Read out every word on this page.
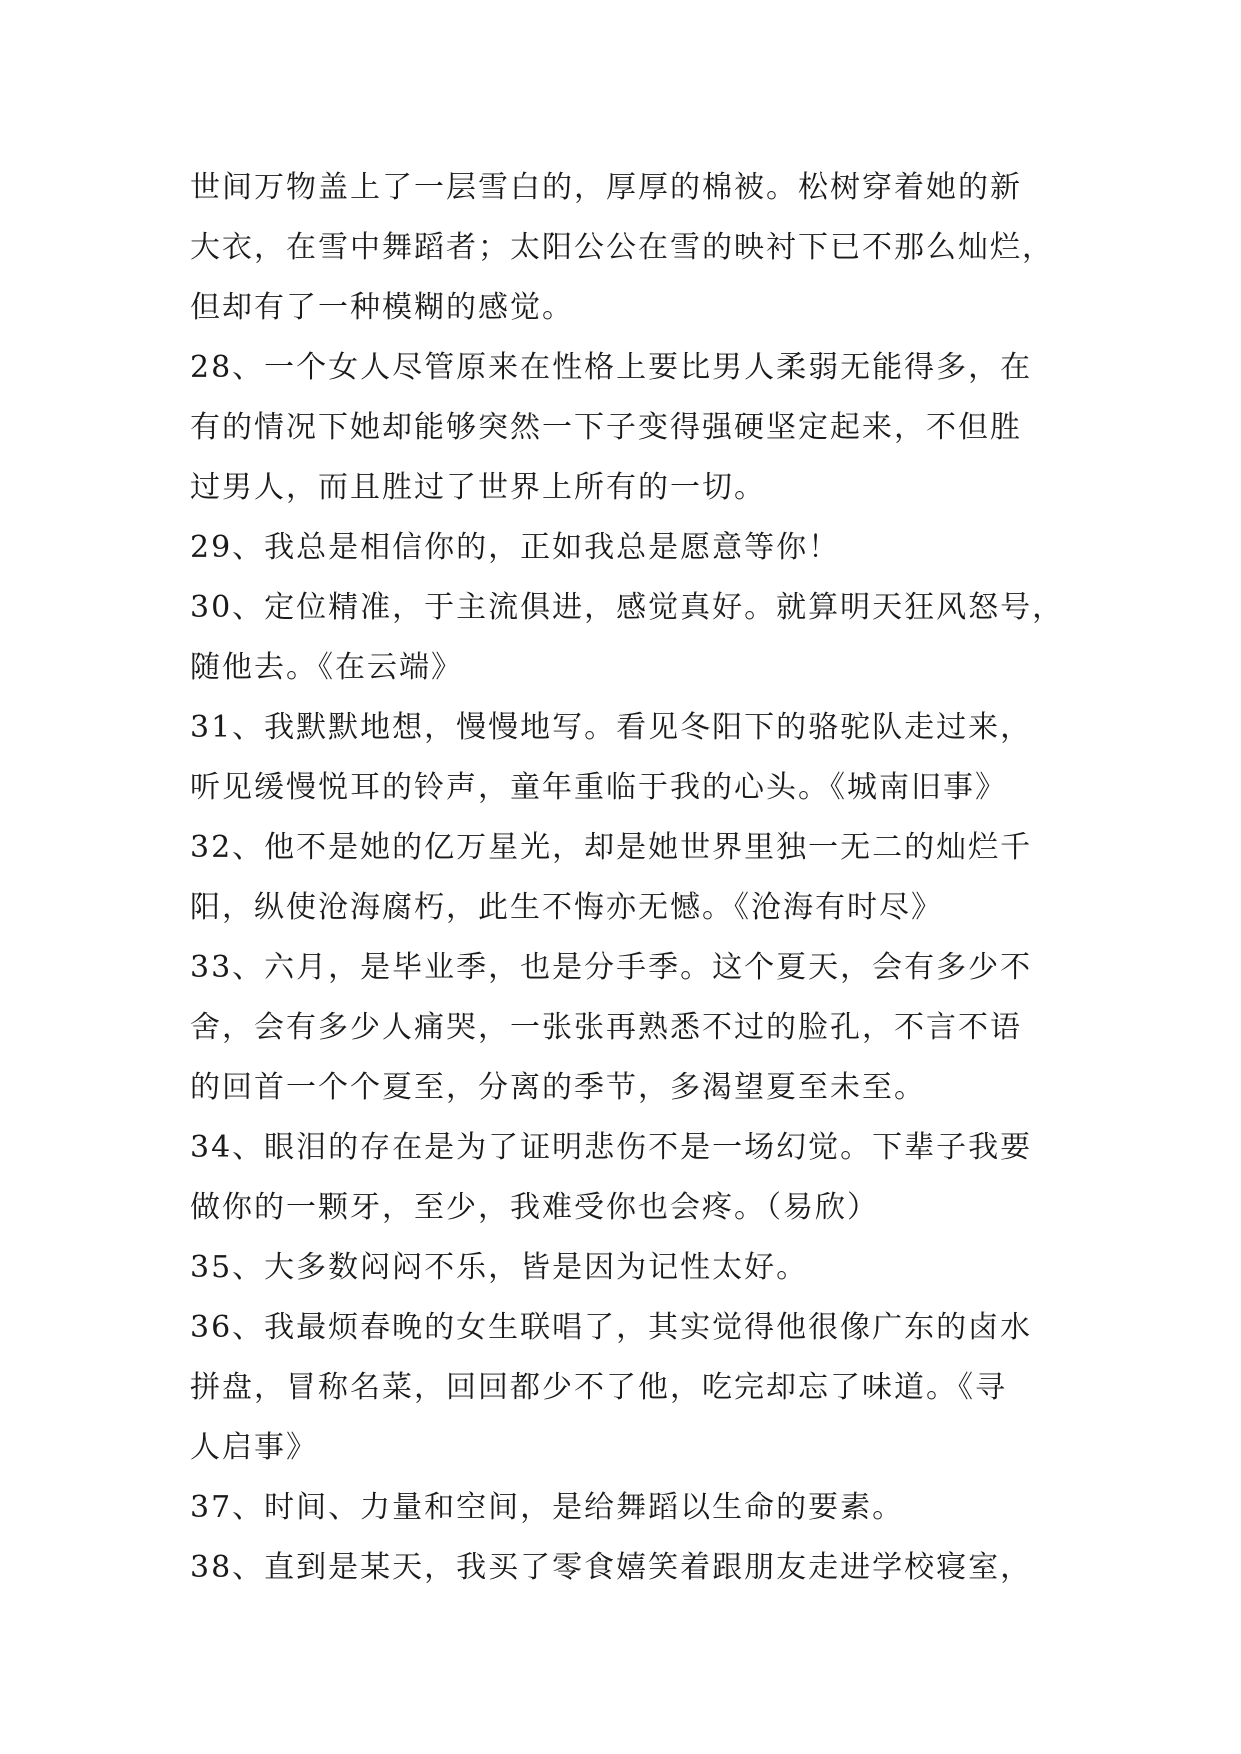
世间万物盖上了一层雪白的，厚厚的棉被。松树穿着她的新
大衣，在雪中舞蹈者；太阳公公在雪的映衬下已不那么灿烂，
但却有了一种模糊的感觉。
28、一个女人尽管原来在性格上要比男人柔弱无能得多，在
有的情况下她却能够突然一下子变得强硬坚定起来，不但胜
过男人，而且胜过了世界上所有的一切。
29、我总是相信你的，正如我总是愿意等你！
30、定位精准，于主流俱进，感觉真好。就算明天狂风怒号，
随他去。《在云端》
31、我默默地想，慢慢地写。看见冬阳下的骆驼队走过来，
听见缓慢悦耳的铃声，童年重临于我的心头。《城南旧事》
32、他不是她的亿万星光，却是她世界里独一无二的灿烂千
阳，纵使沧海腐朽，此生不悔亦无憾。《沧海有时尽》
33、六月，是毕业季，也是分手季。这个夏天，会有多少不
舍，会有多少人痛哭，一张张再熟悉不过的脸孔，不言不语
的回首一个个夏至，分离的季节，多渴望夏至未至。
34、眼泪的存在是为了证明悲伤不是一场幻觉。下辈子我要
做你的一颗牙，至少，我难受你也会疼。（易欣）
35、大多数闷闷不乐，皆是因为记性太好。
36、我最烦春晚的女生联唱了，其实觉得他很像广东的卤水
拼盘，冒称名菜，回回都少不了他，吃完却忘了味道。《寻
人启事》
37、时间、力量和空间，是给舞蹈以生命的要素。
38、直到是某天，我买了零食嬉笑着跟朋友走进学校寝室，
